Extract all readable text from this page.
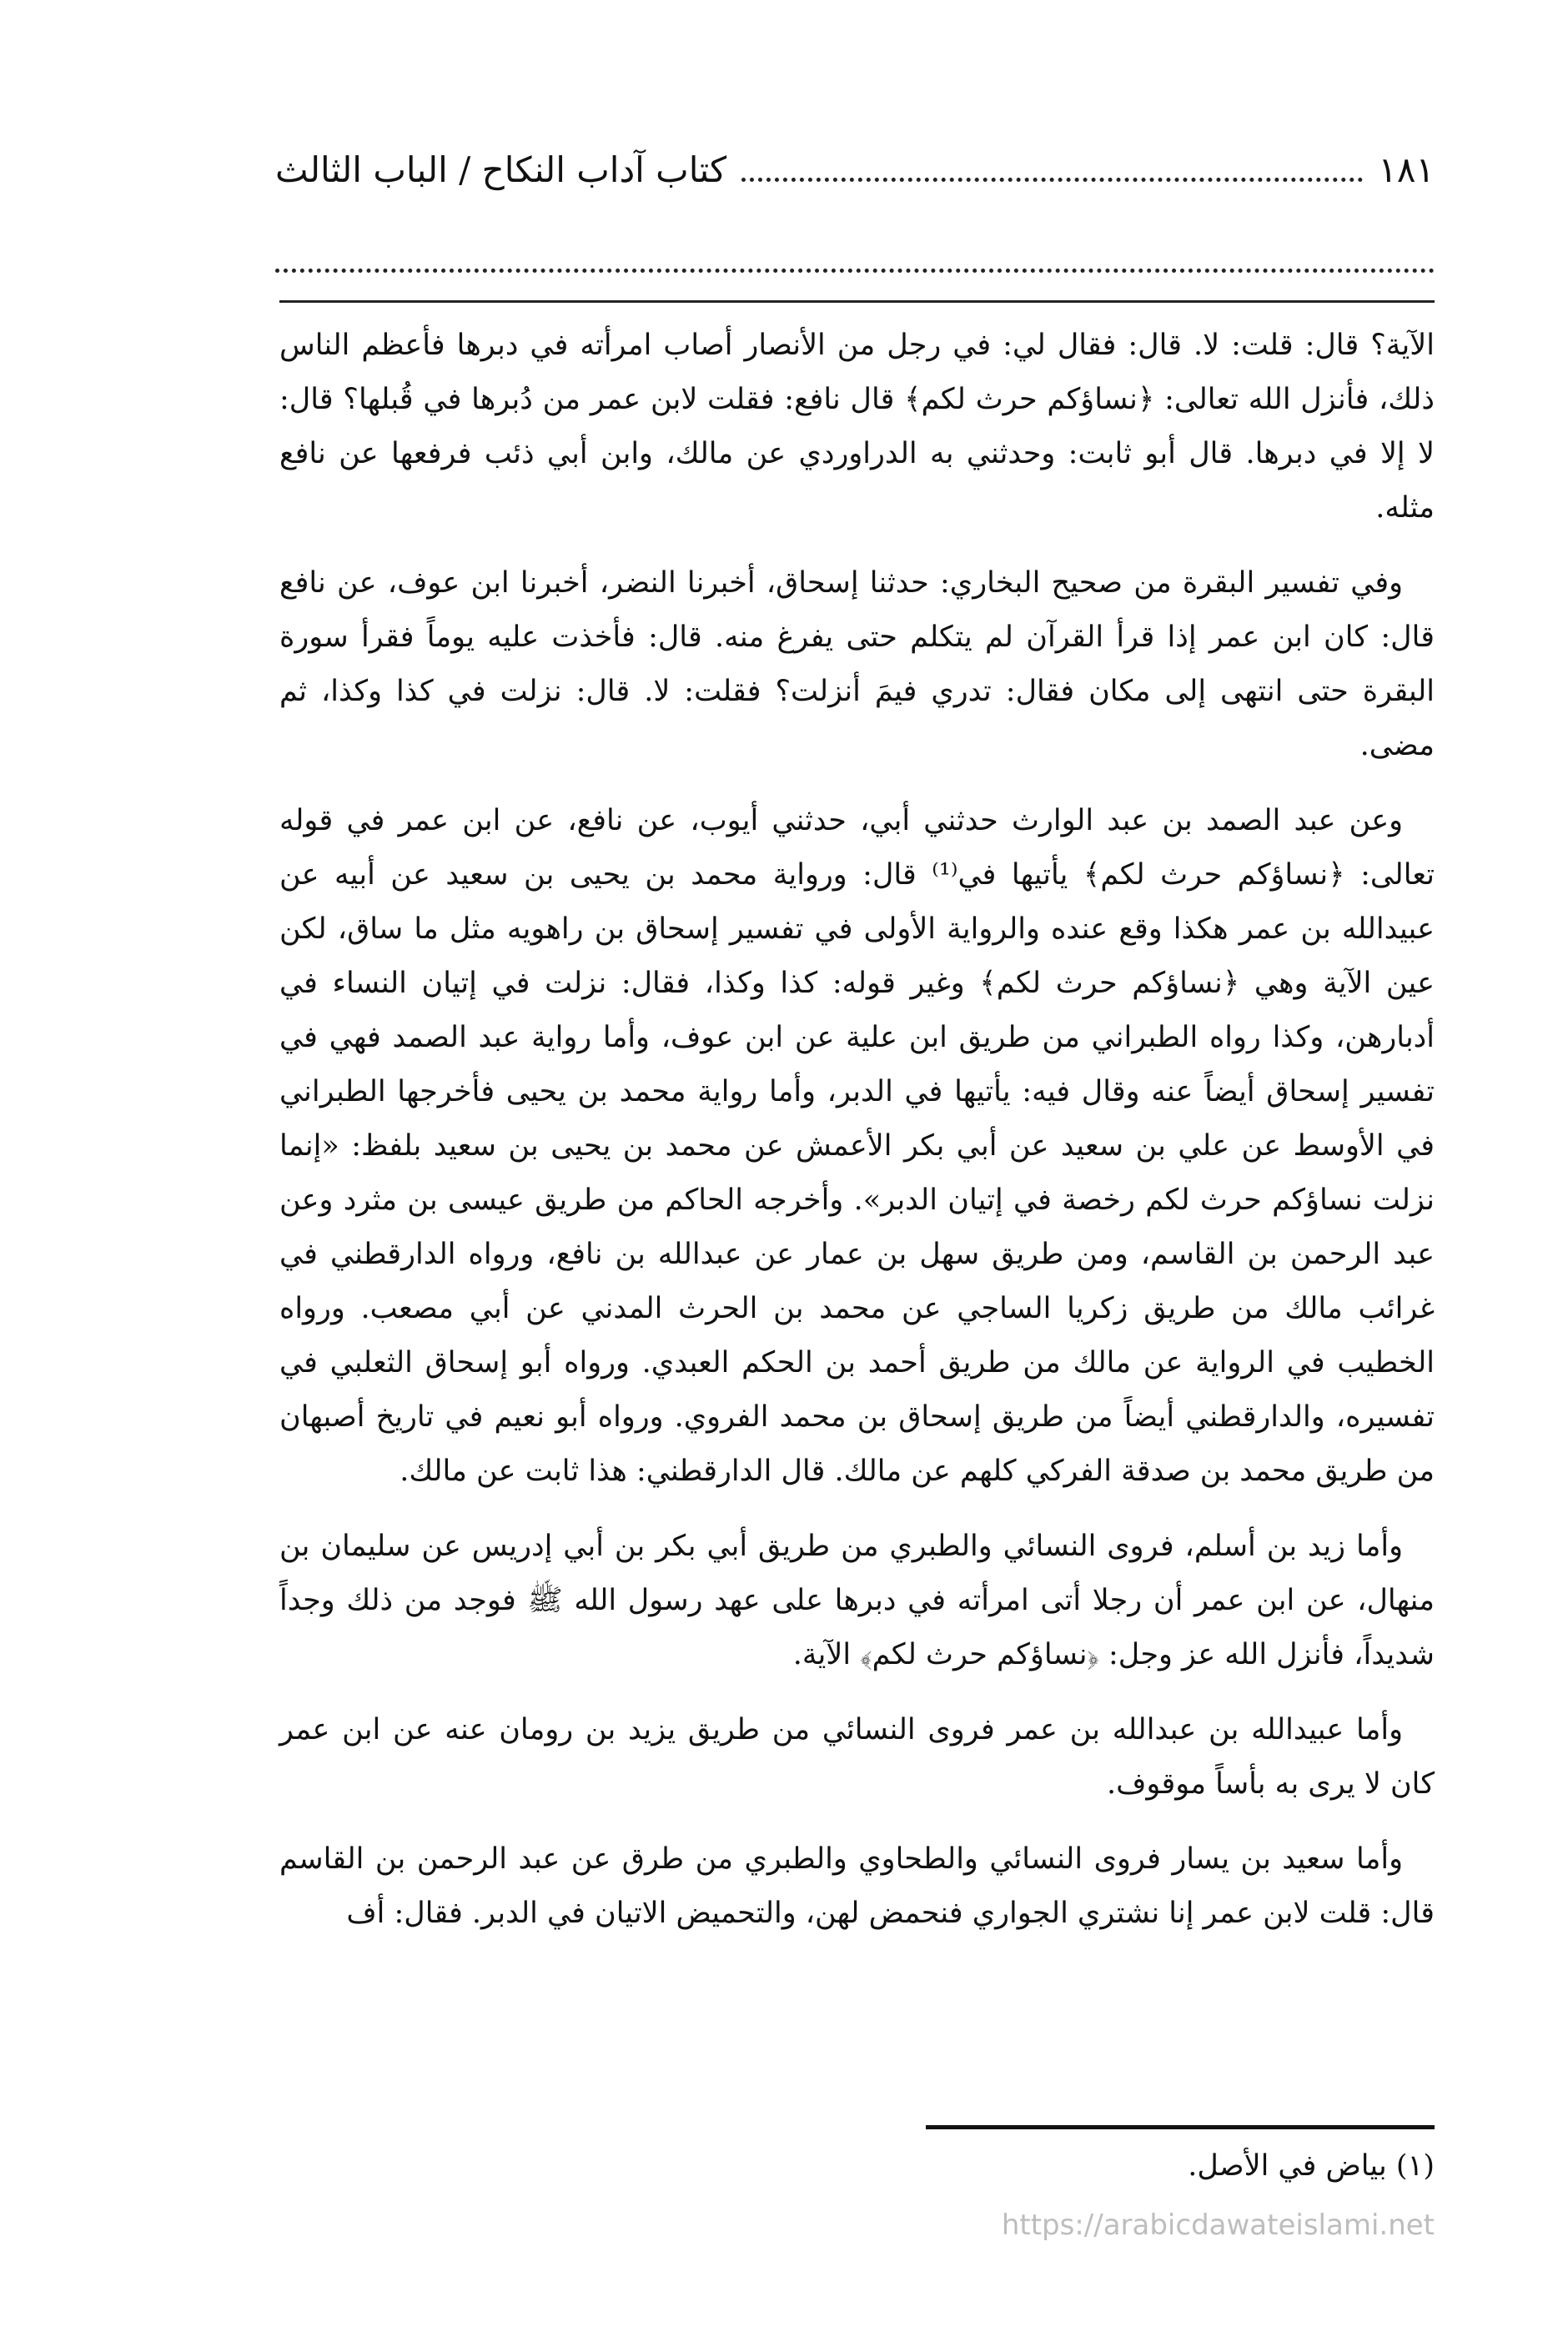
كتاب آداب النكاح / الباب الثالث	١٨١

الآية؟ قال: قلت: لا. قال: فقال لي: في رجل من الأنصار أصاب امرأته في دبرها فأعظم الناس ذلك، فأنزل الله تعالى: ﴿نساؤكم حرث لكم﴾ قال نافع: فقلت لابن عمر من دُبرها في قُبلها؟ قال: لا إلا في دبرها. قال أبو ثابت: وحدثني به الدراوردي عن مالك، وابن أبي ذئب فرفعها عن نافع مثله.

وفي تفسير البقرة من صحيح البخاري: حدثنا إسحاق، أخبرنا النضر، أخبرنا ابن عوف، عن نافع قال: كان ابن عمر إذا قرأ القرآن لم يتكلم حتى يفرغ منه. قال: فأخذت عليه يوماً فقرأ سورة البقرة حتى انتهى إلى مكان فقال: تدري فيمَ أنزلت؟ فقلت: لا. قال: نزلت في كذا وكذا، ثم مضى.

وعن عبد الصمد بن عبد الوارث حدثني أبي، حدثني أيوب، عن نافع، عن ابن عمر في قوله تعالى: ﴿نساؤكم حرث لكم﴾ يأتيها في⁽¹⁾ قال: ورواية محمد بن يحيى بن سعيد عن أبيه عن عبيدالله بن عمر هكذا وقع عنده والرواية الأولى في تفسير إسحاق بن راهويه مثل ما ساق، لكن عين الآية وهي ﴿نساؤكم حرث لكم﴾ وغير قوله: كذا وكذا، فقال: نزلت في إتيان النساء في أدبارهن، وكذا رواه الطبراني من طريق ابن علية عن ابن عوف، وأما رواية عبد الصمد فهي في تفسير إسحاق أيضاً عنه وقال فيه: يأتيها في الدبر، وأما رواية محمد بن يحيى فأخرجها الطبراني في الأوسط عن علي بن سعيد عن أبي بكر الأعمش عن محمد بن يحيى بن سعيد بلفظ: «إنما نزلت نساؤكم حرث لكم رخصة في إتيان الدبر». وأخرجه الحاكم من طريق عيسى بن مثرد وعن عبد الرحمن بن القاسم، ومن طريق سهل بن عمار عن عبدالله بن نافع، ورواه الدارقطني في غرائب مالك من طريق زكريا الساجي عن محمد بن الحرث المدني عن أبي مصعب. ورواه الخطيب في الرواية عن مالك من طريق أحمد بن الحكم العبدي. ورواه أبو إسحاق الثعلبي في تفسيره، والدارقطني أيضاً من طريق إسحاق بن محمد الفروي. ورواه أبو نعيم في تاريخ أصبهان من طريق محمد بن صدقة الفركي كلهم عن مالك. قال الدارقطني: هذا ثابت عن مالك.

وأما زيد بن أسلم، فروى النسائي والطبري من طريق أبي بكر بن أبي إدريس عن سليمان بن منهال، عن ابن عمر أن رجلا أتى امرأته في دبرها على عهد رسول الله ﷺ فوجد من ذلك وجداً شديداً، فأنزل الله عز وجل: ﴿نساؤكم حرث لكم﴾ الآية.

وأما عبيدالله بن عبدالله بن عمر فروى النسائي من طريق يزيد بن رومان عنه عن ابن عمر كان لا يرى به بأساً موقوف.

وأما سعيد بن يسار فروى النسائي والطحاوي والطبري من طرق عن عبد الرحمن بن القاسم قال: قلت لابن عمر إنا نشتري الجواري فنحمض لهن، والتحميض الاتيان في الدبر. فقال: أف

(١) بياض في الأصل.
https://arabicdawateislami.net
